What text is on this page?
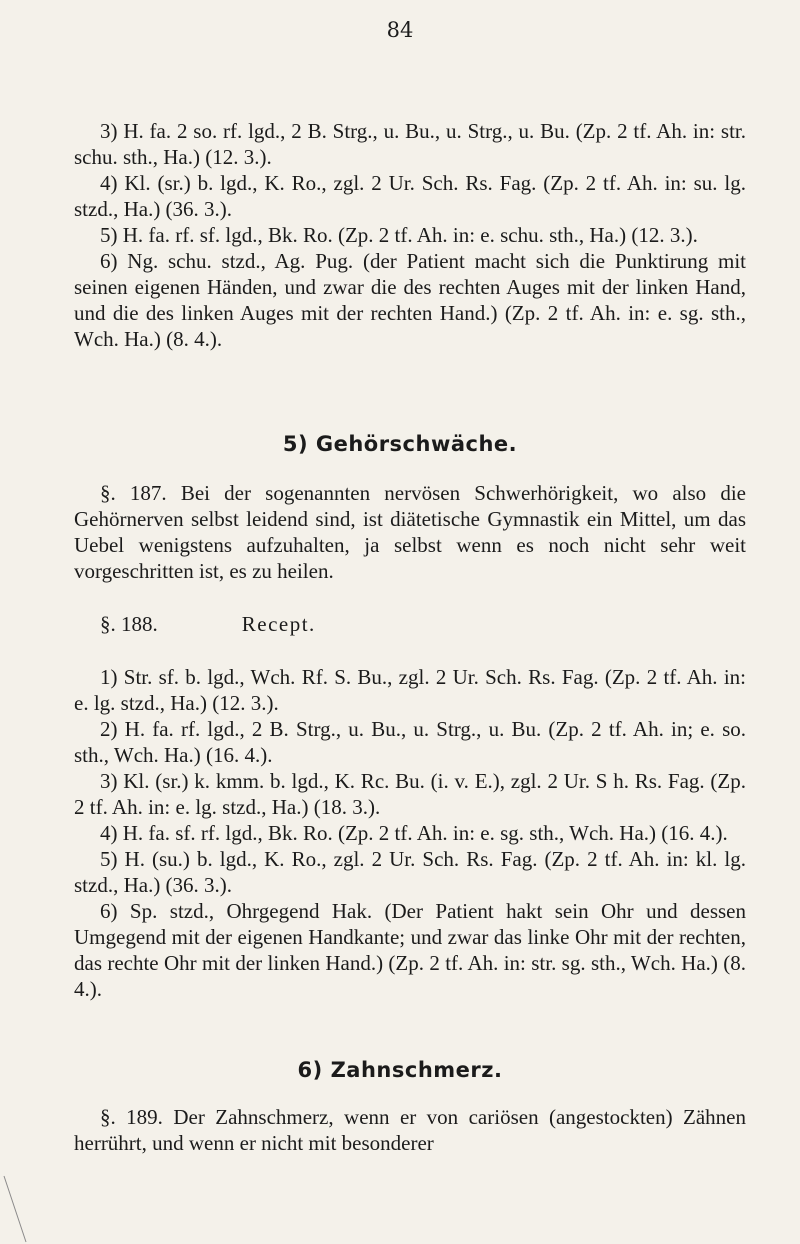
84

3) H. fa. 2 so. rf. lgd., 2 B. Strg., u. Bu., u. Strg., u. Bu. (Zp. 2 tf. Ah. in: str. schu. sth., Ha.) (12. 3.).

4) Kl. (sr.) b. lgd., K. Ro., zgl. 2 Ur. Sch. Rs. Fag. (Zp. 2 tf. Ah. in: su. lg. stzd., Ha.) (36. 3.).

5) H. fa. rf. sf. lgd., Bk. Ro. (Zp. 2 tf. Ah. in: e. schu. sth., Ha.) (12. 3.).

6) Ng. schu. stzd., Ag. Pug. (der Patient macht sich die Punktirung mit seinen eigenen Händen, und zwar die des rechten Auges mit der linken Hand, und die des linken Auges mit der rechten Hand.) (Zp. 2 tf. Ah. in: e. sg. sth., Wch. Ha.) (8. 4.).

5) Gehörschwäche.

§. 187. Bei der sogenannten nervösen Schwerhörigkeit, wo also die Gehörnerven selbst leidend sind, ist diätetische Gymnastik ein Mittel, um das Uebel wenigstens aufzuhalten, ja selbst wenn es noch nicht sehr weit vorgeschritten ist, es zu heilen.

§. 188.	Recept.

1) Str. sf. b. lgd., Wch. Rf. S. Bu., zgl. 2 Ur. Sch. Rs. Fag. (Zp. 2 tf. Ah. in: e. lg. stzd., Ha.) (12. 3.).

2) H. fa. rf. lgd., 2 B. Strg., u. Bu., u. Strg., u. Bu. (Zp. 2 tf. Ah. in; e. so. sth., Wch. Ha.) (16. 4.).

3) Kl. (sr.) k. kmm. b. lgd., K. Rc. Bu. (i. v. E.), zgl. 2 Ur. S h. Rs. Fag. (Zp. 2 tf. Ah. in: e. lg. stzd., Ha.) (18. 3.).

4) H. fa. sf. rf. lgd., Bk. Ro. (Zp. 2 tf. Ah. in: e. sg. sth., Wch. Ha.) (16. 4.).

5) H. (su.) b. lgd., K. Ro., zgl. 2 Ur. Sch. Rs. Fag. (Zp. 2 tf. Ah. in: kl. lg. stzd., Ha.) (36. 3.).

6) Sp. stzd., Ohrgegend Hak. (Der Patient hakt sein Ohr und dessen Umgegend mit der eigenen Handkante; und zwar das linke Ohr mit der rechten, das rechte Ohr mit der linken Hand.) (Zp. 2 tf. Ah. in: str. sg. sth., Wch. Ha.) (8. 4.).

6) Zahnschmerz.

§. 189. Der Zahnschmerz, wenn er von cariösen (angestockten) Zähnen herrührt, und wenn er nicht mit besonderer
